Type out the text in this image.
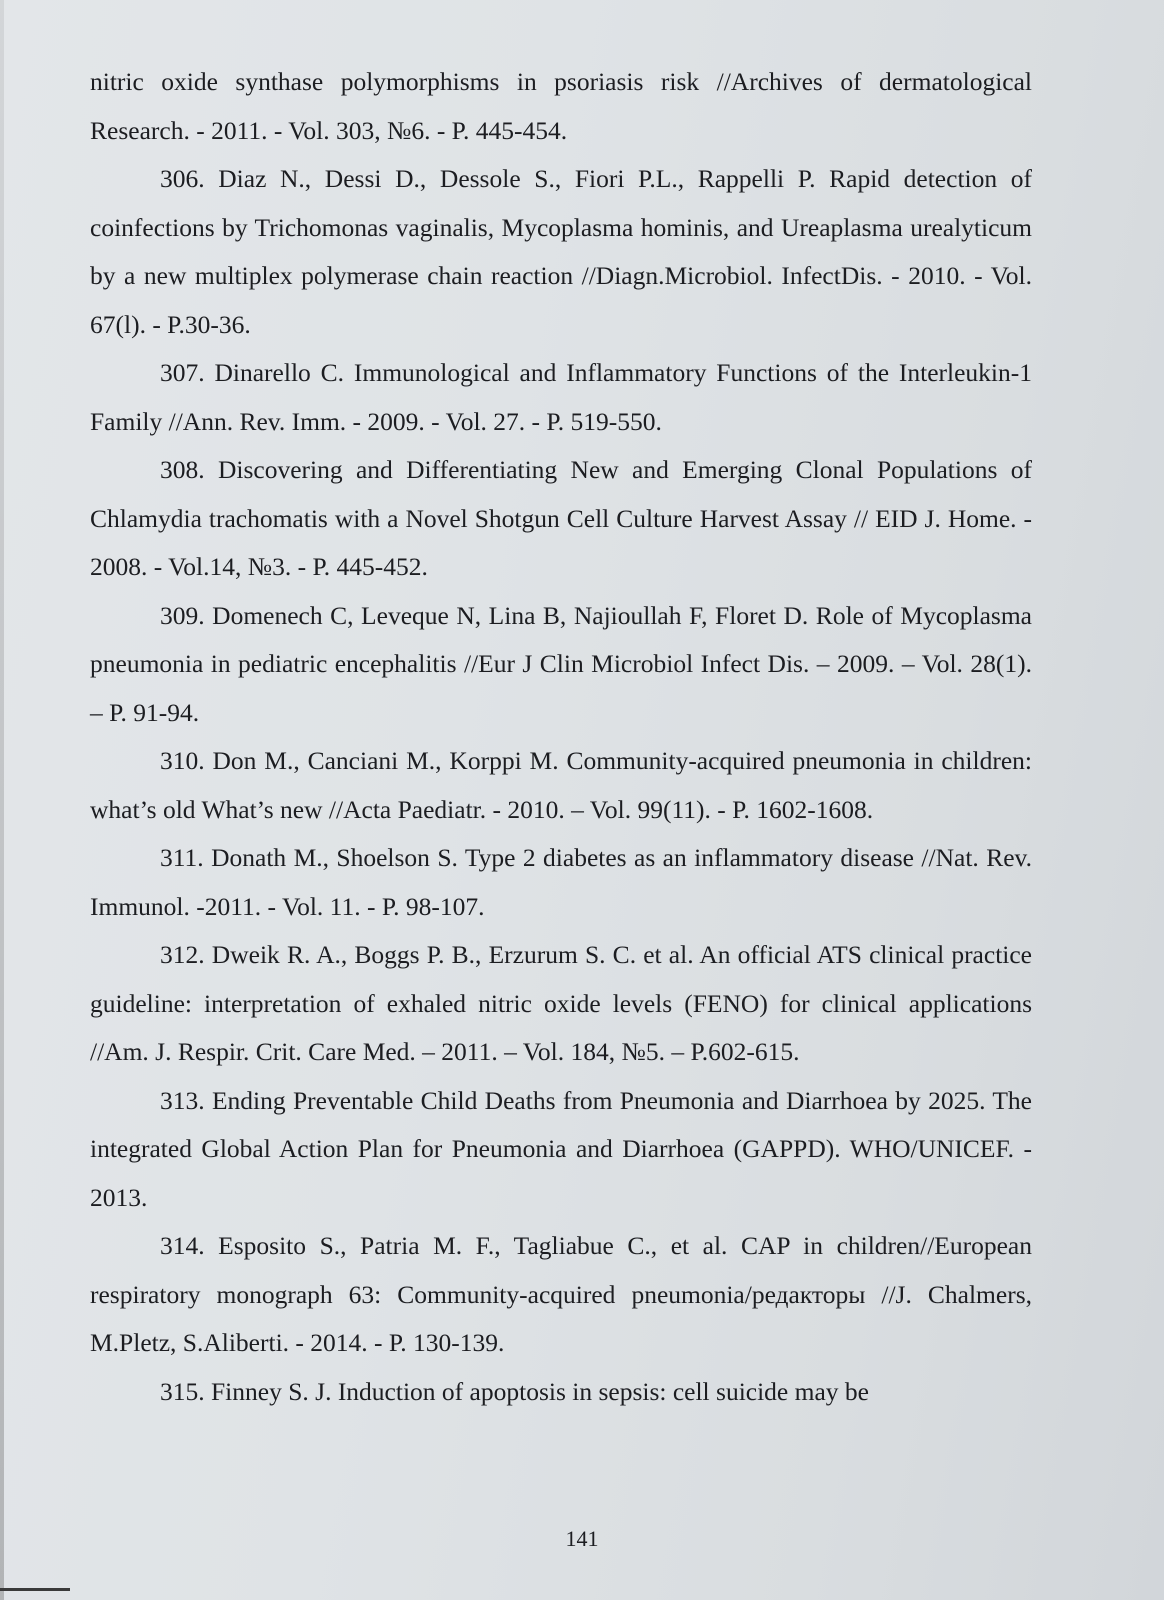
nitric oxide synthase polymorphisms in psoriasis risk //Archives of dermatological Research. - 2011. - Vol. 303, №6. - P. 445-454.

306. Diaz N., Dessi D., Dessole S., Fiori P.L., Rappelli P. Rapid detection of coinfections by Trichomonas vaginalis, Mycoplasma hominis, and Ureaplasma urealyticum by a new multiplex polymerase chain reaction //Diagn.Microbiol. InfectDis. - 2010. - Vol. 67(l). - P.30-36.

307. Dinarello C. Immunological and Inflammatory Functions of the Interleukin-1 Family //Ann. Rev. Imm. - 2009. - Vol. 27. - P. 519-550.

308. Discovering and Differentiating New and Emerging Clonal Populations of Chlamydia trachomatis with a Novel Shotgun Cell Culture Harvest Assay // EID J. Home. - 2008. - Vol.14, №3. - P. 445-452.

309. Domenech C, Leveque N, Lina B, Najioullah F, Floret D. Role of Mycoplasma pneumonia in pediatric encephalitis //Eur J Clin Microbiol Infect Dis. – 2009. – Vol. 28(1). – P. 91-94.

310. Don M., Canciani M., Korppi M. Community-acquired pneumonia in children: what’s old What’s new //Acta Paediatr. - 2010. – Vol. 99(11). - P. 1602-1608.

311. Donath M., Shoelson S. Type 2 diabetes as an inflammatory disease //Nat. Rev. Immunol. -2011. - Vol. 11. - P. 98-107.

312. Dweik R. A., Boggs P. B., Erzurum S. C. et al. An official ATS clinical practice guideline: interpretation of exhaled nitric oxide levels (FENO) for clinical applications //Am. J. Respir. Crit. Care Med. – 2011. – Vol. 184, №5. – P.602-615.

313. Ending Preventable Child Deaths from Pneumonia and Diarrhoea by 2025. The integrated Global Action Plan for Pneumonia and Diarrhoea (GAPPD). WHO/UNICEF. - 2013.

314. Esposito S., Patria M. F., Tagliabue C., et al. CAP in children//European respiratory monograph 63: Community-acquired pneumonia/редакторы //J. Chalmers, M.Pletz, S.Aliberti. - 2014. - P. 130-139.

315. Finney S. J. Induction of apoptosis in sepsis: cell suicide may be

141
